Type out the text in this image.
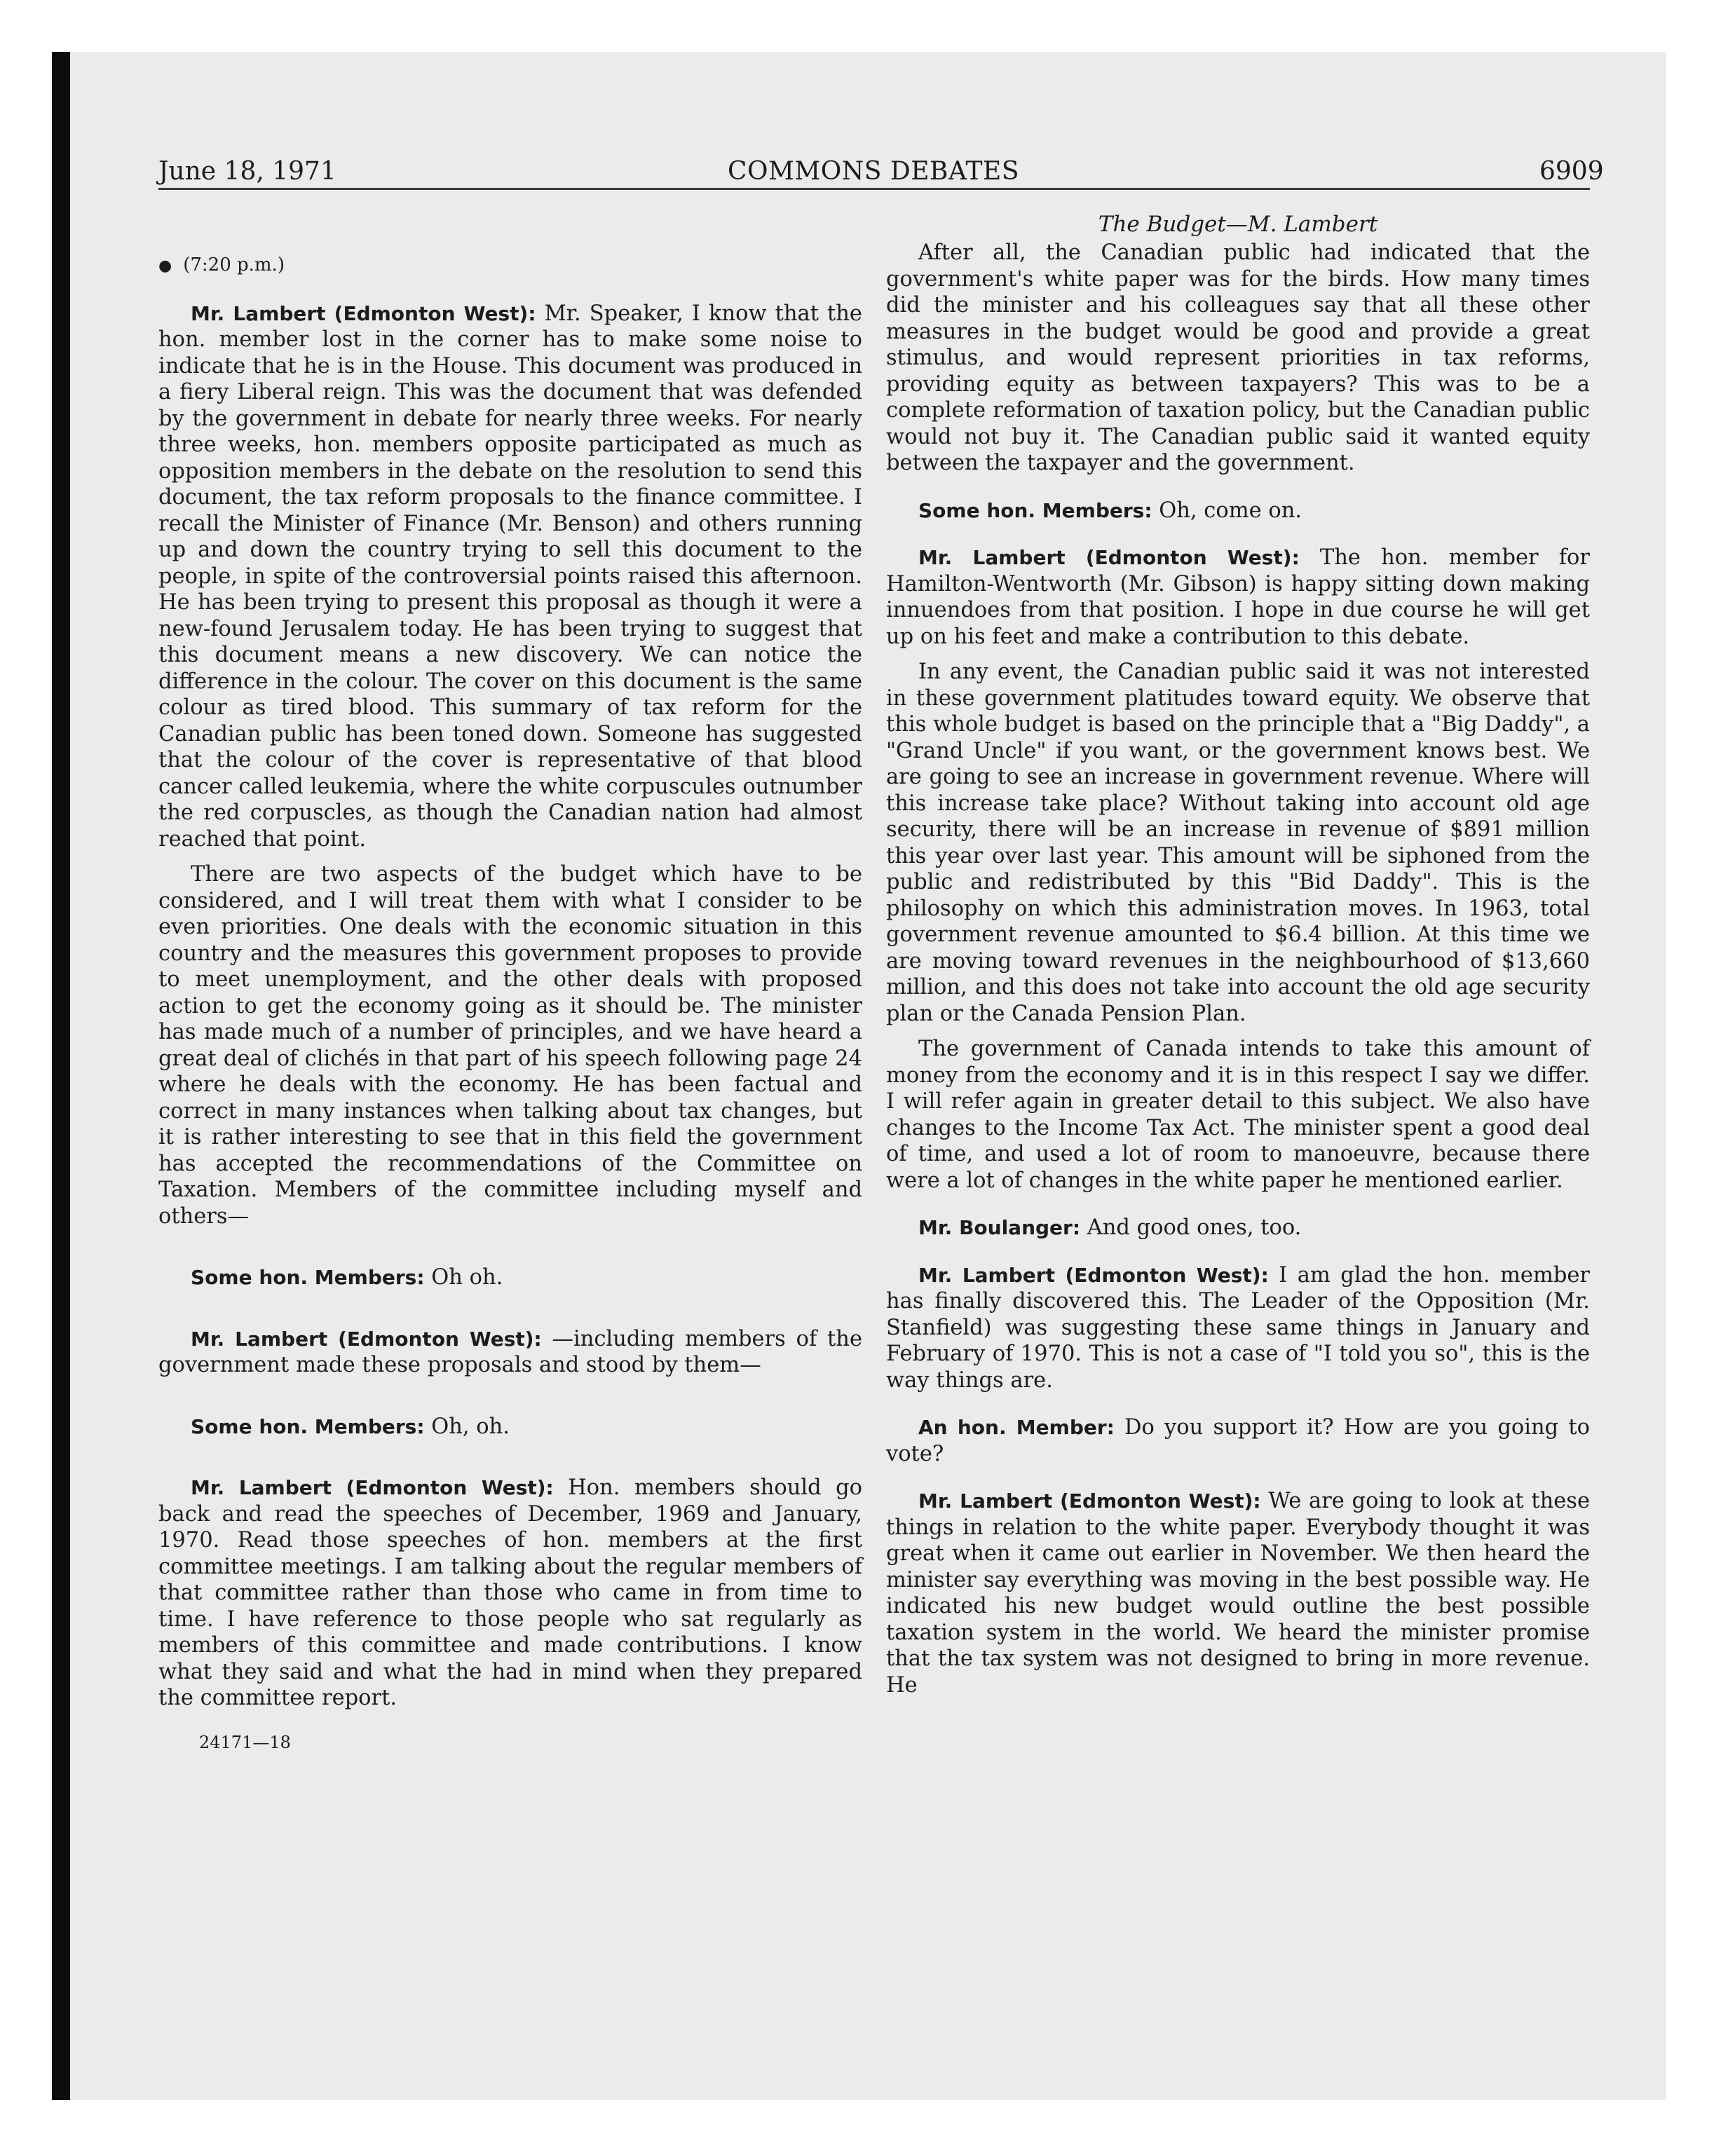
June 18, 1971	COMMONS DEBATES	6909

● (7:20 p.m.)

Mr. Lambert (Edmonton West): Mr. Speaker, I know that the hon. member lost in the corner has to make some noise to indicate that he is in the House. This document was produced in a fiery Liberal reign. This was the document that was defended by the government in debate for nearly three weeks. For nearly three weeks, hon. members opposite participated as much as opposition members in the debate on the resolution to send this document, the tax reform proposals to the finance committee. I recall the Minister of Finance (Mr. Benson) and others running up and down the country trying to sell this document to the people, in spite of the controversial points raised this afternoon. He has been trying to present this proposal as though it were a new-found Jerusalem today. He has been trying to suggest that this document means a new discovery. We can notice the difference in the colour. The cover on this document is the same colour as tired blood. This summary of tax reform for the Canadian public has been toned down. Someone has suggested that the colour of the cover is representative of that blood cancer called leukemia, where the white corpuscules outnumber the red corpuscles, as though the Canadian nation had almost reached that point.

There are two aspects of the budget which have to be considered, and I will treat them with what I consider to be even priorities. One deals with the economic situation in this country and the measures this government proposes to provide to meet unemployment, and the other deals with proposed action to get the economy going as it should be. The minister has made much of a number of principles, and we have heard a great deal of clichés in that part of his speech following page 24 where he deals with the economy. He has been factual and correct in many instances when talking about tax changes, but it is rather interesting to see that in this field the government has accepted the recommendations of the Committee on Taxation. Members of the committee including myself and others—

Some hon. Members: Oh oh.

Mr. Lambert (Edmonton West): —including members of the government made these proposals and stood by them—

Some hon. Members: Oh, oh.

Mr. Lambert (Edmonton West): Hon. members should go back and read the speeches of December, 1969 and January, 1970. Read those speeches of hon. members at the first committee meetings. I am talking about the regular members of that committee rather than those who came in from time to time. I have reference to those people who sat regularly as members of this committee and made contributions. I know what they said and what the had in mind when they prepared the committee report.

24171—18

The Budget—M. Lambert

After all, the Canadian public had indicated that the government's white paper was for the birds. How many times did the minister and his colleagues say that all these other measures in the budget would be good and provide a great stimulus, and would represent priorities in tax reforms, providing equity as between taxpayers? This was to be a complete reformation of taxation policy, but the Canadian public would not buy it. The Canadian public said it wanted equity between the taxpayer and the government.

Some hon. Members: Oh, come on.

Mr. Lambert (Edmonton West): The hon. member for Hamilton-Wentworth (Mr. Gibson) is happy sitting down making innuendoes from that position. I hope in due course he will get up on his feet and make a contribution to this debate.

In any event, the Canadian public said it was not interested in these government platitudes toward equity. We observe that this whole budget is based on the principle that a "Big Daddy", a "Grand Uncle" if you want, or the government knows best. We are going to see an increase in government revenue. Where will this increase take place? Without taking into account old age security, there will be an increase in revenue of $891 million this year over last year. This amount will be siphoned from the public and redistributed by this "Bid Daddy". This is the philosophy on which this administration moves. In 1963, total government revenue amounted to $6.4 billion. At this time we are moving toward revenues in the neighbourhood of $13,660 million, and this does not take into account the old age security plan or the Canada Pension Plan.

The government of Canada intends to take this amount of money from the economy and it is in this respect I say we differ. I will refer again in greater detail to this subject. We also have changes to the Income Tax Act. The minister spent a good deal of time, and used a lot of room to manoeuvre, because there were a lot of changes in the white paper he mentioned earlier.

Mr. Boulanger: And good ones, too.

Mr. Lambert (Edmonton West): I am glad the hon. member has finally discovered this. The Leader of the Opposition (Mr. Stanfield) was suggesting these same things in January and February of 1970. This is not a case of "I told you so", this is the way things are.

An hon. Member: Do you support it? How are you going to vote?

Mr. Lambert (Edmonton West): We are going to look at these things in relation to the white paper. Everybody thought it was great when it came out earlier in November. We then heard the minister say everything was moving in the best possible way. He indicated his new budget would outline the best possible taxation system in the world. We heard the minister promise that the tax system was not designed to bring in more revenue. He
